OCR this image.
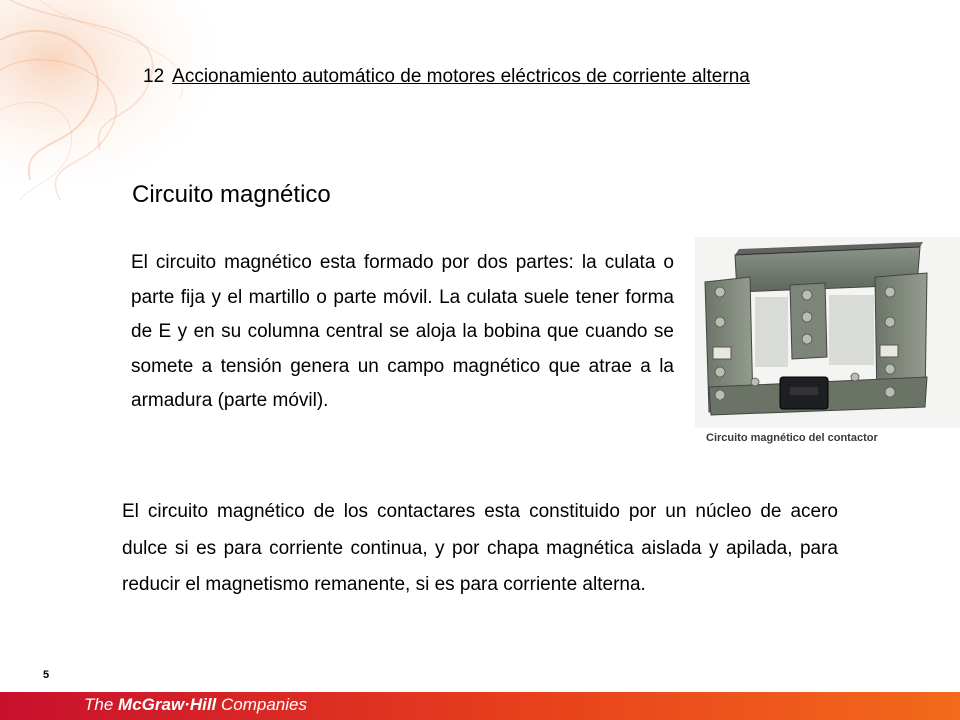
12 Accionamiento automático de motores eléctricos de corriente alterna
Circuito magnético
El circuito magnético esta formado por dos partes: la culata o parte fija y el martillo o parte móvil. La culata suele tener forma de E y en su columna central se aloja la bobina que cuando se somete a tensión genera un campo magnético que atrae a la armadura (parte móvil).
Circuito magnético del contactor
El circuito magnético de los contactares esta constituido por un núcleo de acero dulce si es para corriente continua, y por chapa magnética aislada y apilada, para reducir el magnetismo remanente, si es para corriente alterna.
5
The McGraw·Hill Companies
